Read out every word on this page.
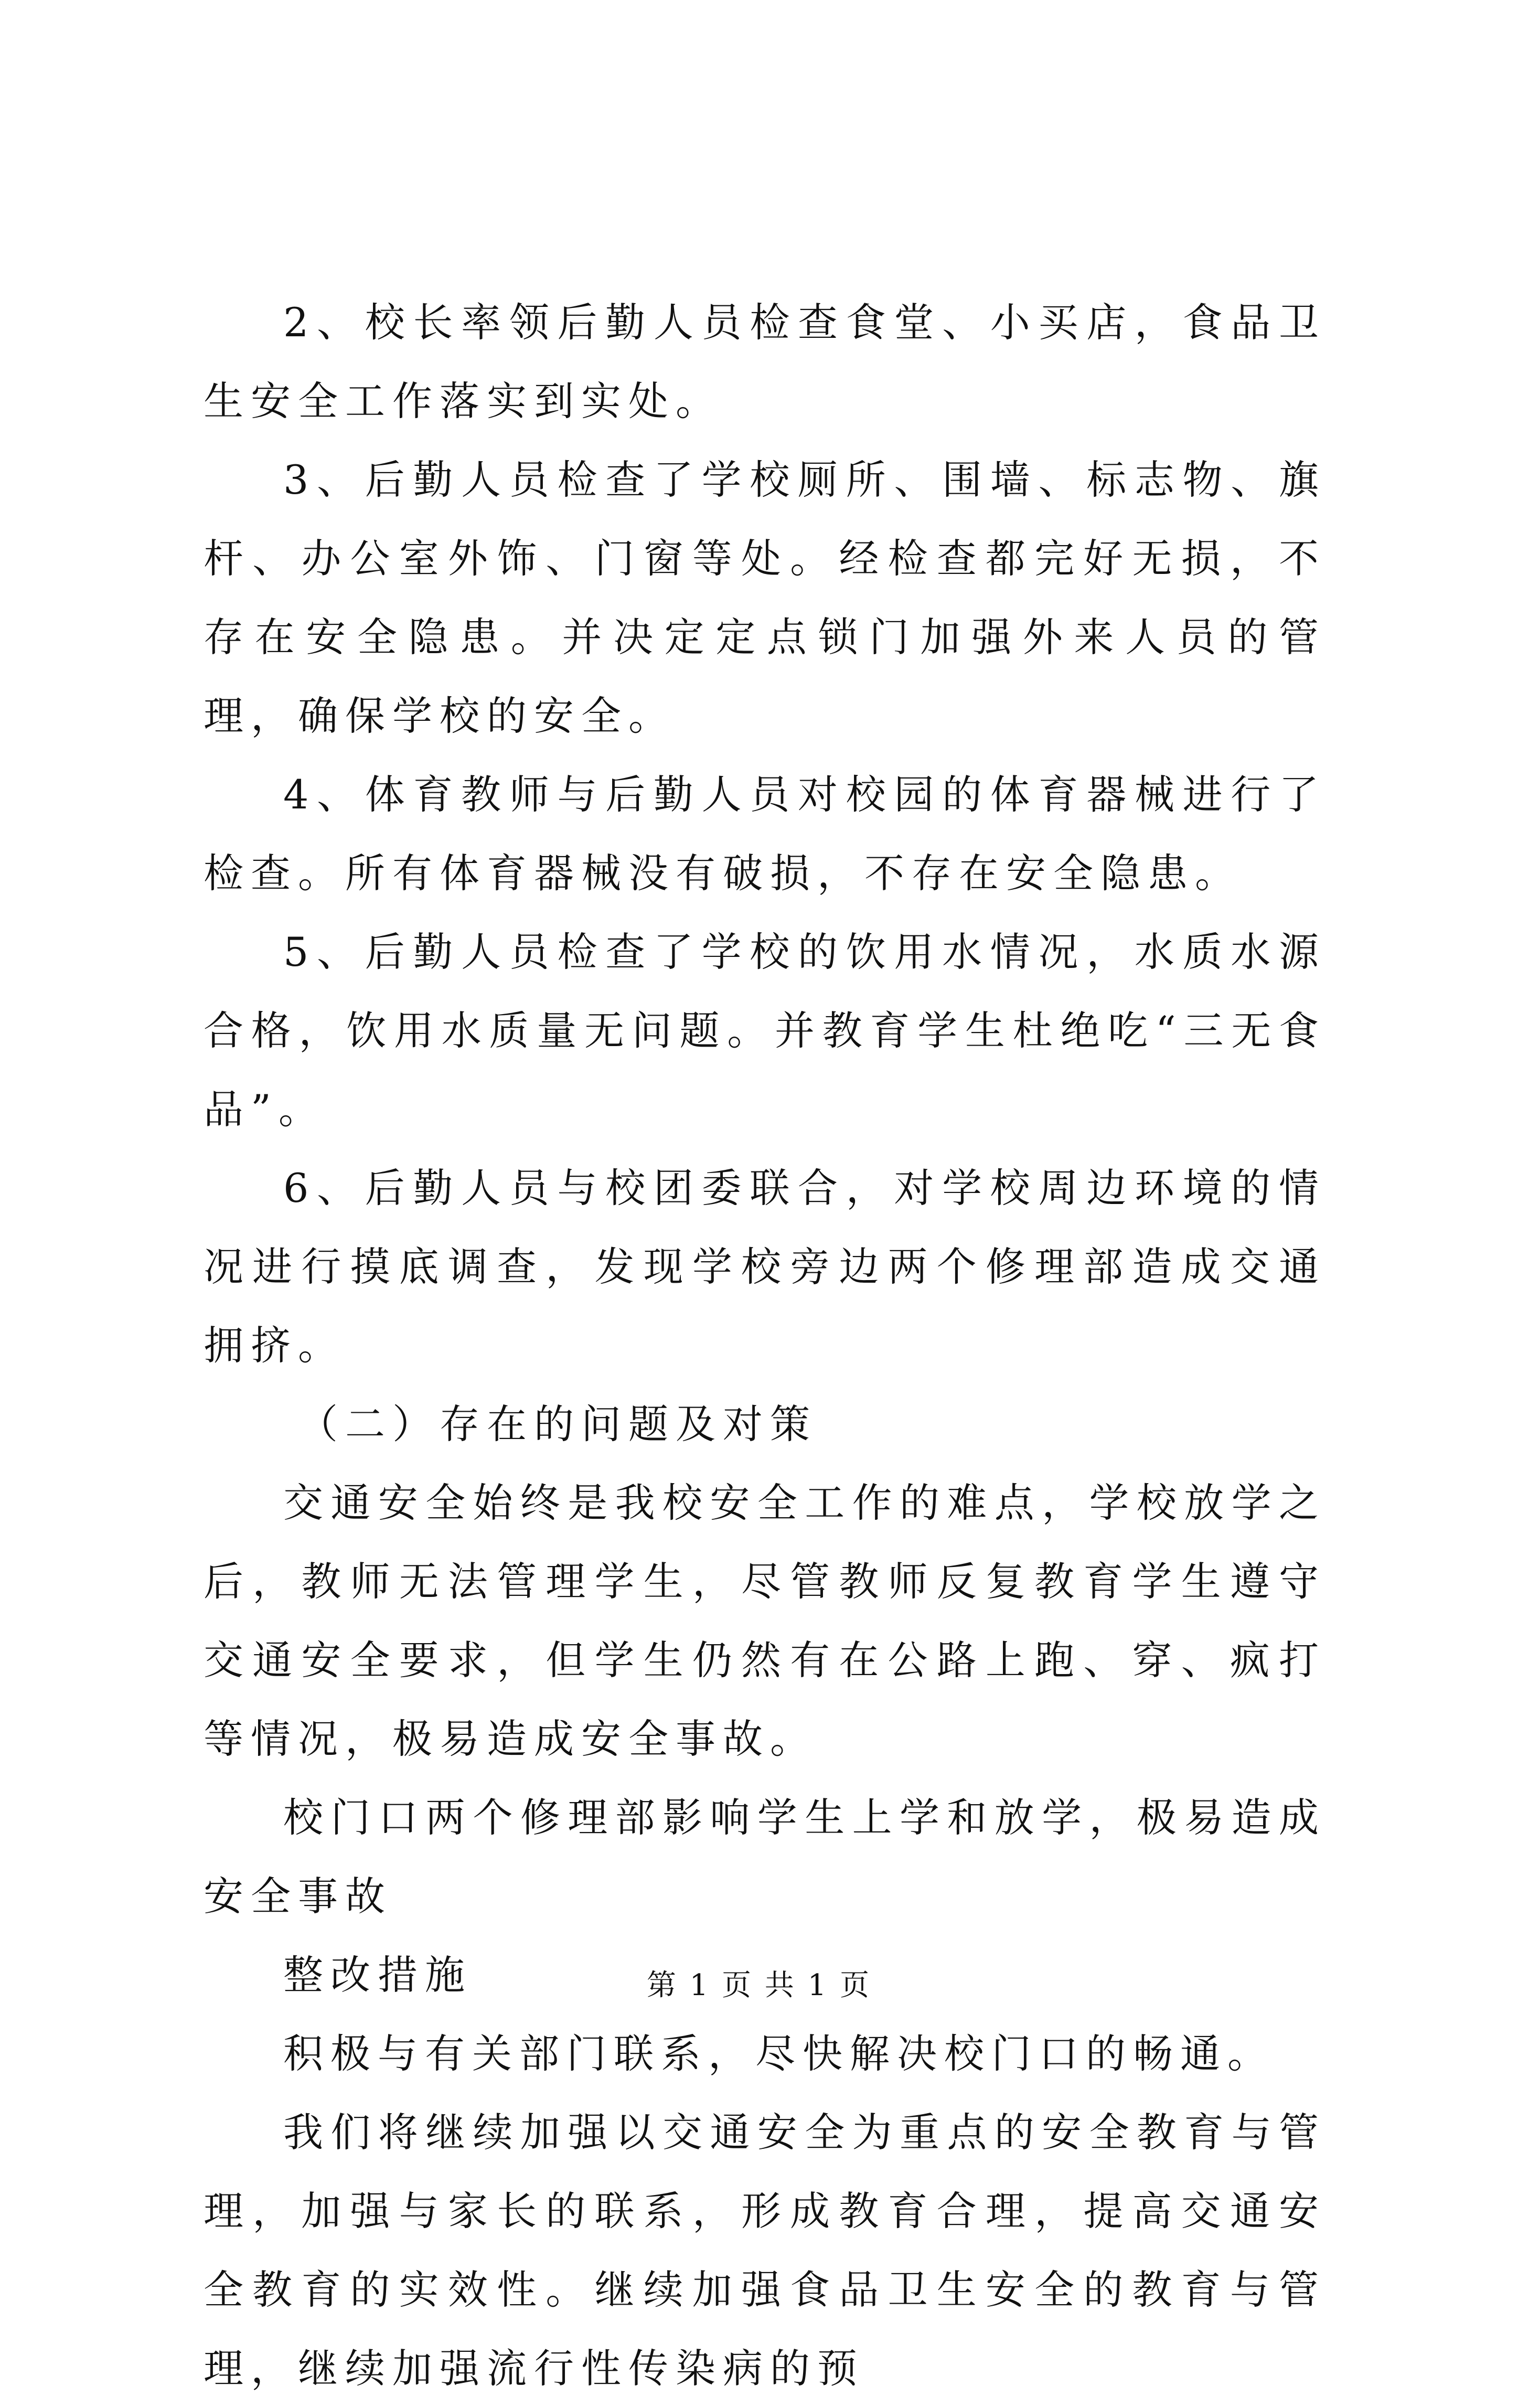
2、校长率领后勤人员检查食堂、小买店，食品卫生安全工作落实到实处。

3、后勤人员检查了学校厕所、围墙、标志物、旗杆、办公室外饰、门窗等处。经检查都完好无损，不存在安全隐患。并决定定点锁门加强外来人员的管理，确保学校的安全。

4、体育教师与后勤人员对校园的体育器械进行了检查。所有体育器械没有破损，不存在安全隐患。

5、后勤人员检查了学校的饮用水情况，水质水源合格，饮用水质量无问题。并教育学生杜绝吃“三无食品”。

6、后勤人员与校团委联合，对学校周边环境的情况进行摸底调查，发现学校旁边两个修理部造成交通拥挤。

（二）存在的问题及对策

交通安全始终是我校安全工作的难点，学校放学之后，教师无法管理学生，尽管教师反复教育学生遵守交通安全要求，但学生仍然有在公路上跑、穿、疯打等情况，极易造成安全事故。

校门口两个修理部影响学生上学和放学，极易造成安全事故

整改措施

积极与有关部门联系，尽快解决校门口的畅通。

我们将继续加强以交通安全为重点的安全教育与管理，加强与家长的联系，形成教育合理，提高交通安全教育的实效性。继续加强食品卫生安全的教育与管理，继续加强流行性传染病的预

第 1 页 共 1 页
